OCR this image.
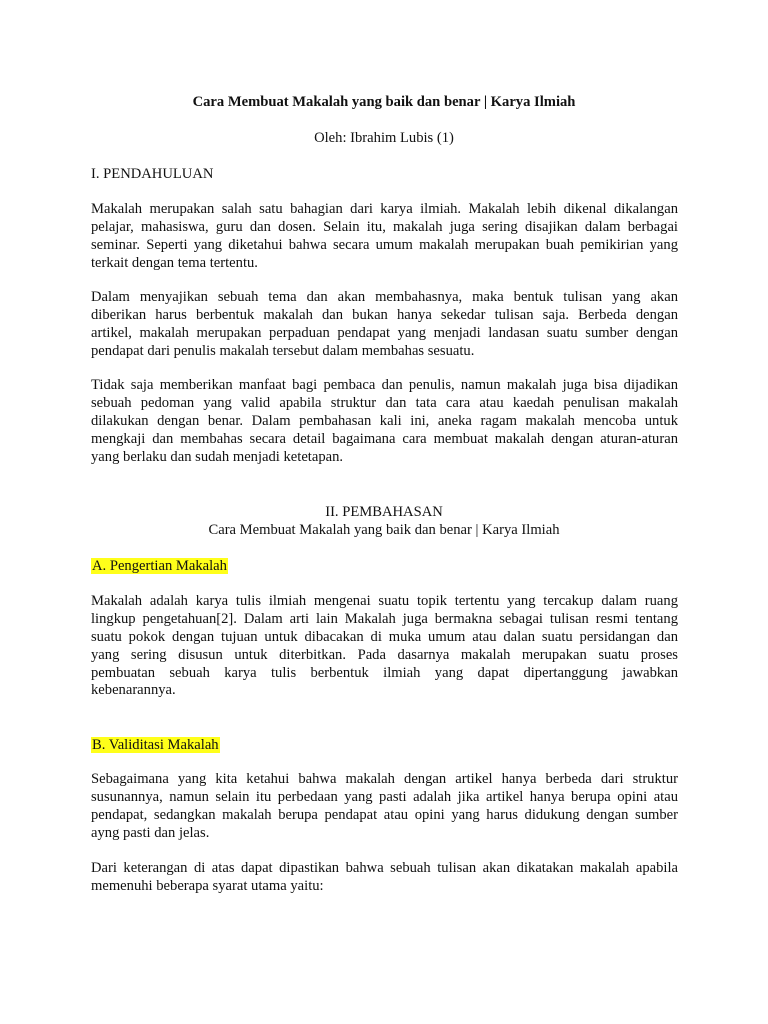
Cara Membuat Makalah yang baik dan benar | Karya Ilmiah
Oleh: Ibrahim Lubis (1)
I. PENDAHULUAN
Makalah merupakan salah satu bahagian dari karya ilmiah. Makalah lebih dikenal dikalangan
pelajar, mahasiswa, guru dan dosen. Selain itu, makalah juga sering disajikan dalam berbagai
seminar. Seperti yang diketahui bahwa secara umum makalah merupakan buah pemikirian yang
terkait dengan tema tertentu.
Dalam menyajikan sebuah tema dan akan membahasnya, maka bentuk tulisan yang akan
diberikan harus berbentuk makalah dan bukan hanya sekedar tulisan saja. Berbeda dengan
artikel, makalah merupakan perpaduan pendapat yang menjadi landasan suatu sumber dengan
pendapat dari penulis makalah tersebut dalam membahas sesuatu.
Tidak saja memberikan manfaat bagi pembaca dan penulis, namun makalah juga bisa dijadikan
sebuah pedoman yang valid apabila struktur dan tata cara atau kaedah penulisan makalah
dilakukan dengan benar. Dalam pembahasan kali ini, aneka ragam makalah mencoba untuk
mengkaji dan membahas secara detail bagaimana cara membuat makalah dengan aturan-aturan
yang berlaku dan sudah menjadi ketetapan.
II. PEMBAHASAN
Cara Membuat Makalah yang baik dan benar | Karya Ilmiah
A. Pengertian Makalah
Makalah adalah karya tulis ilmiah mengenai suatu topik tertentu yang tercakup dalam ruang
lingkup pengetahuan[2]. Dalam arti lain Makalah juga bermakna sebagai tulisan resmi tentang
suatu pokok dengan tujuan untuk dibacakan di muka umum atau dalan suatu persidangan dan
yang sering disusun untuk diterbitkan. Pada dasarnya makalah merupakan suatu proses
pembuatan sebuah karya tulis berbentuk ilmiah yang dapat dipertanggung jawabkan
kebenarannya.
B. Validitasi Makalah
Sebagaimana yang kita ketahui bahwa makalah dengan artikel hanya berbeda dari struktur
susunannya, namun selain itu perbedaan yang pasti adalah jika artikel hanya berupa opini atau
pendapat, sedangkan makalah berupa pendapat atau opini yang harus didukung dengan sumber
ayng pasti dan jelas.
Dari keterangan di atas dapat dipastikan bahwa sebuah tulisan akan dikatakan makalah apabila
memenuhi beberapa syarat utama yaitu:
